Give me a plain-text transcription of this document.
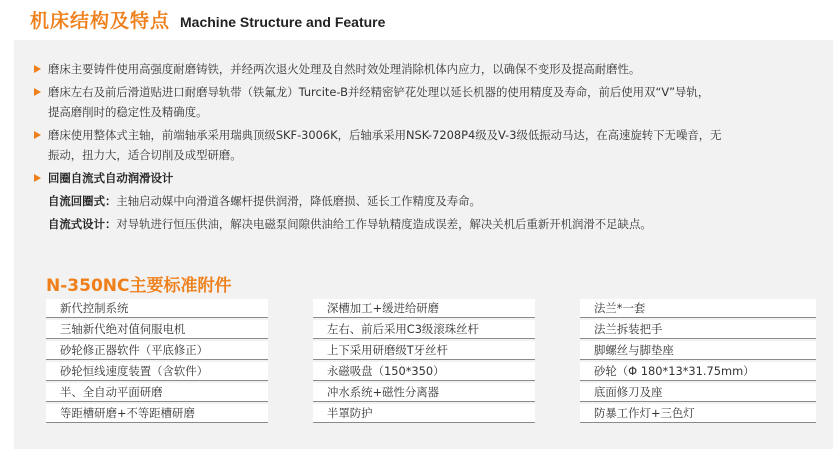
机床结构及特点 Machine Structure and Feature
磨床主要铸件使用高强度耐磨铸铁，并经两次退火处理及自然时效处理消除机体内应力，以确保不变形及提高耐磨性。
磨床左右及前后滑道贴进口耐磨导轨带（铁氟龙）Turcite-B并经精密铲花处理以延长机器的使用精度及寿命，前后使用双“V”导轨，
提高磨削时的稳定性及精确度。
磨床使用整体式主轴，前端轴承采用瑞典顶级SKF-3006K，后轴承采用NSK-7208P4级及V-3级低振动马达，在高速旋转下无噪音，无
振动，扭力大，适合切削及成型研磨。
回圈自流式自动润滑设计
自流回圈式：主轴启动媒中向滑道各螺杆提供润滑，降低磨损、延长工作精度及寿命。
自流式设计：对导轨进行恒压供油，解决电磁泵间隙供油给工作导轨精度造成误差，解决关机后重新开机润滑不足缺点。
N-350NC主要标准附件
新代控制系统	深槽加工+缓进给研磨	法兰*一套
三轴新代绝对值伺服电机	左右、前后采用C3级滚珠丝杆	法兰拆装把手
砂轮修正器软件（平底修正）	上下采用研磨级T牙丝杆	脚螺丝与脚垫座
砂轮恒线速度装置（含软件）	永磁吸盘（150*350）	砂轮（Φ 180*13*31.75mm）
半、全自动平面研磨	冲水系统+磁性分离器	底面修刀及座
等距槽研磨+不等距槽研磨	半罩防护	防暴工作灯+三色灯
